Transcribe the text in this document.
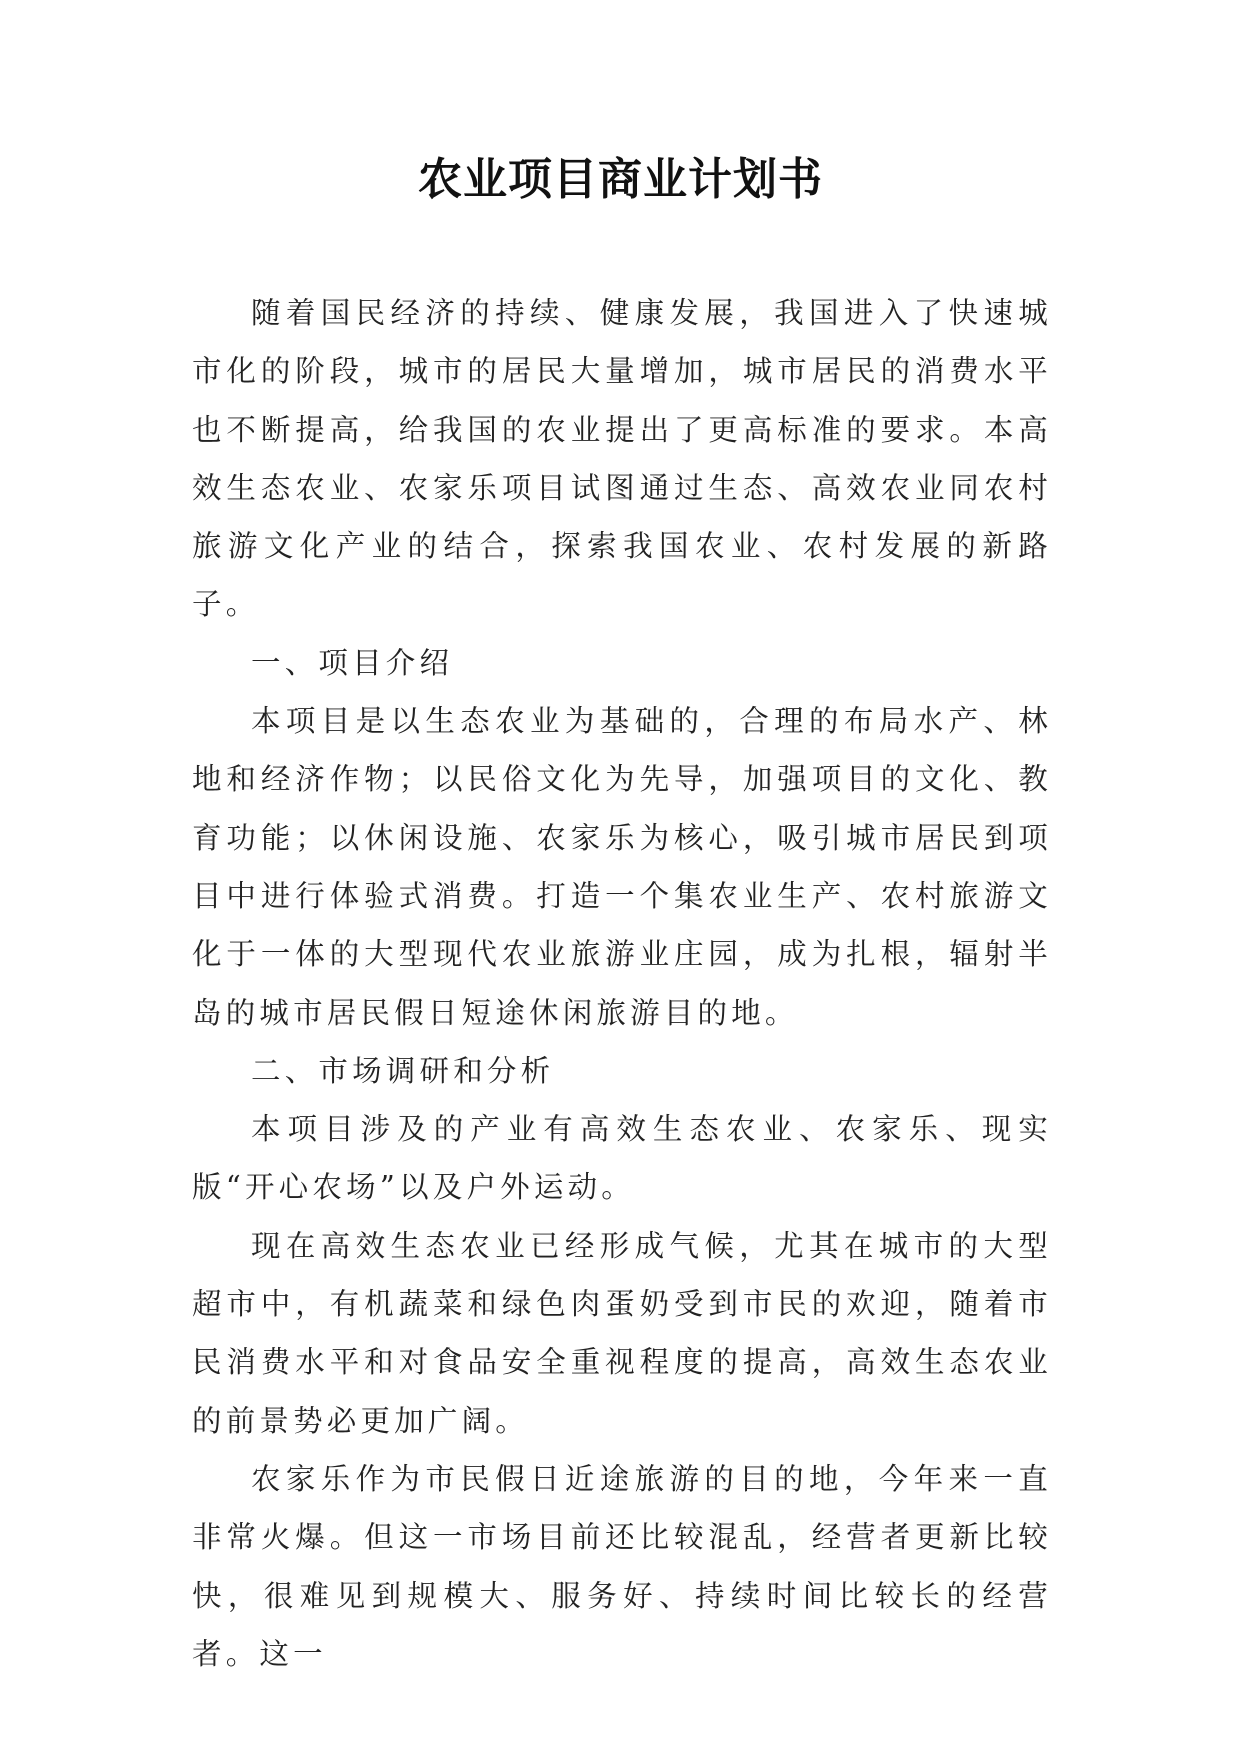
农业项目商业计划书

随着国民经济的持续、健康发展，我国进入了快速城市化的阶段，城市的居民大量增加，城市居民的消费水平也不断提高，给我国的农业提出了更高标准的要求。本高效生态农业、农家乐项目试图通过生态、高效农业同农村旅游文化产业的结合，探索我国农业、农村发展的新路子。

一、项目介绍

本项目是以生态农业为基础的，合理的布局水产、林地和经济作物；以民俗文化为先导，加强项目的文化、教育功能；以休闲设施、农家乐为核心，吸引城市居民到项目中进行体验式消费。打造一个集农业生产、农村旅游文化于一体的大型现代农业旅游业庄园，成为扎根，辐射半岛的城市居民假日短途休闲旅游目的地。

二、市场调研和分析

本项目涉及的产业有高效生态农业、农家乐、现实版“开心农场”以及户外运动。

现在高效生态农业已经形成气候，尤其在城市的大型超市中，有机蔬菜和绿色肉蛋奶受到市民的欢迎，随着市民消费水平和对食品安全重视程度的提高，高效生态农业的前景势必更加广阔。

农家乐作为市民假日近途旅游的目的地，今年来一直非常火爆。但这一市场目前还比较混乱，经营者更新比较快，很难见到规模大、服务好、持续时间比较长的经营者。这一
